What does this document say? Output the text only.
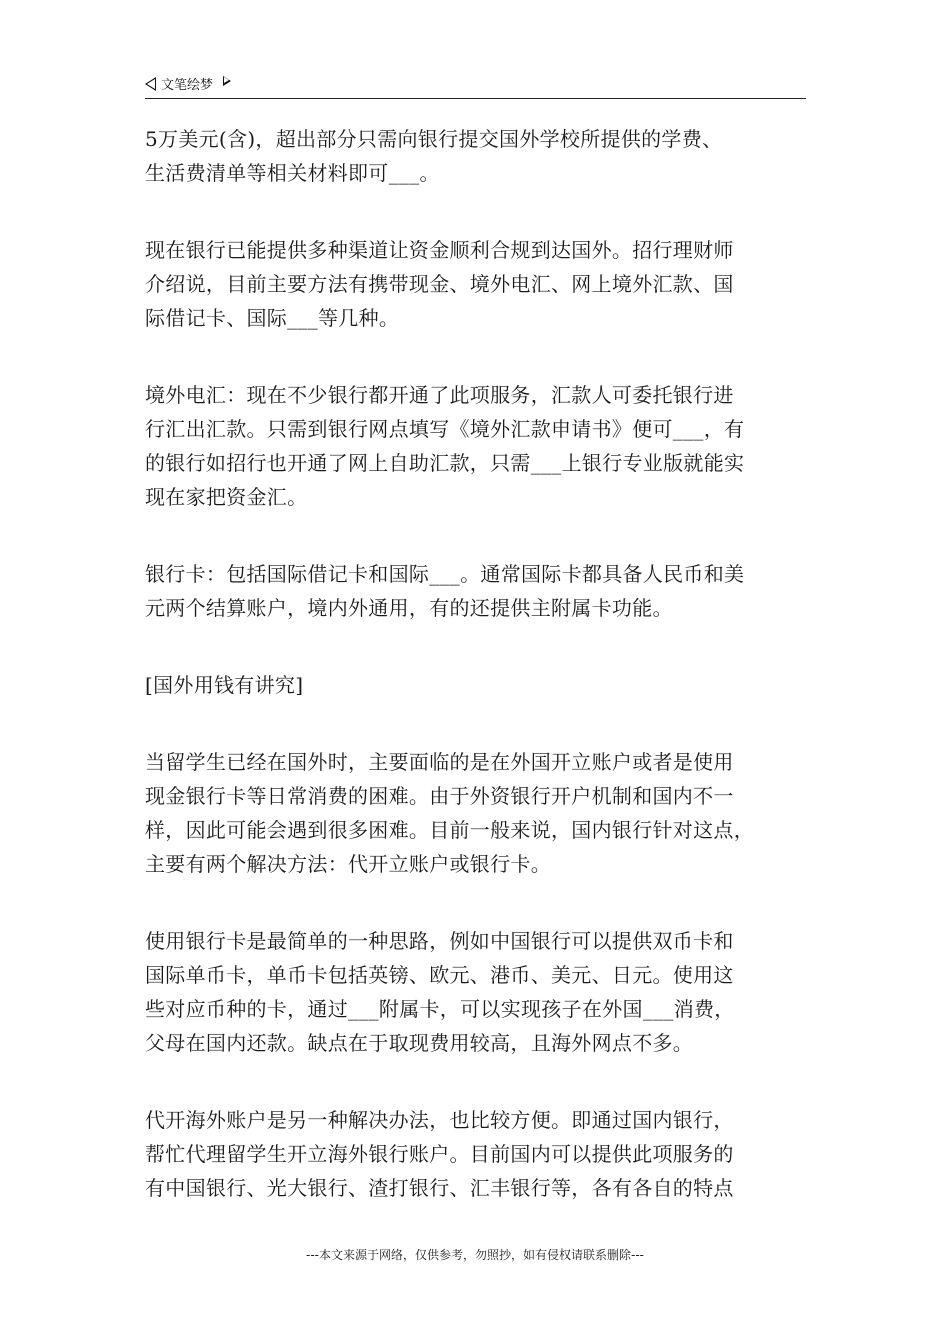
文笔绘梦

5万美元(含)，超出部分只需向银行提交国外学校所提供的学费、
生活费清单等相关材料即可___。

现在银行已能提供多种渠道让资金顺利合规到达国外。招行理财师
介绍说，目前主要方法有携带现金、境外电汇、网上境外汇款、国
际借记卡、国际___等几种。

境外电汇：现在不少银行都开通了此项服务，汇款人可委托银行进
行汇出汇款。只需到银行网点填写《境外汇款申请书》便可___，有
的银行如招行也开通了网上自助汇款，只需___上银行专业版就能实
现在家把资金汇。

银行卡：包括国际借记卡和国际___。通常国际卡都具备人民币和美
元两个结算账户，境内外通用，有的还提供主附属卡功能。

[国外用钱有讲究]

当留学生已经在国外时，主要面临的是在外国开立账户或者是使用
现金银行卡等日常消费的困难。由于外资银行开户机制和国内不一
样，因此可能会遇到很多困难。目前一般来说，国内银行针对这点，
主要有两个解决方法：代开立账户或银行卡。

使用银行卡是最简单的一种思路，例如中国银行可以提供双币卡和
国际单币卡，单币卡包括英镑、欧元、港币、美元、日元。使用这
些对应币种的卡，通过___附属卡，可以实现孩子在外国___消费，
父母在国内还款。缺点在于取现费用较高，且海外网点不多。

代开海外账户是另一种解决办法，也比较方便。即通过国内银行，
帮忙代理留学生开立海外银行账户。目前国内可以提供此项服务的
有中国银行、光大银行、渣打银行、汇丰银行等，各有各自的特点

---本文来源于网络，仅供参考，勿照抄，如有侵权请联系删除---
